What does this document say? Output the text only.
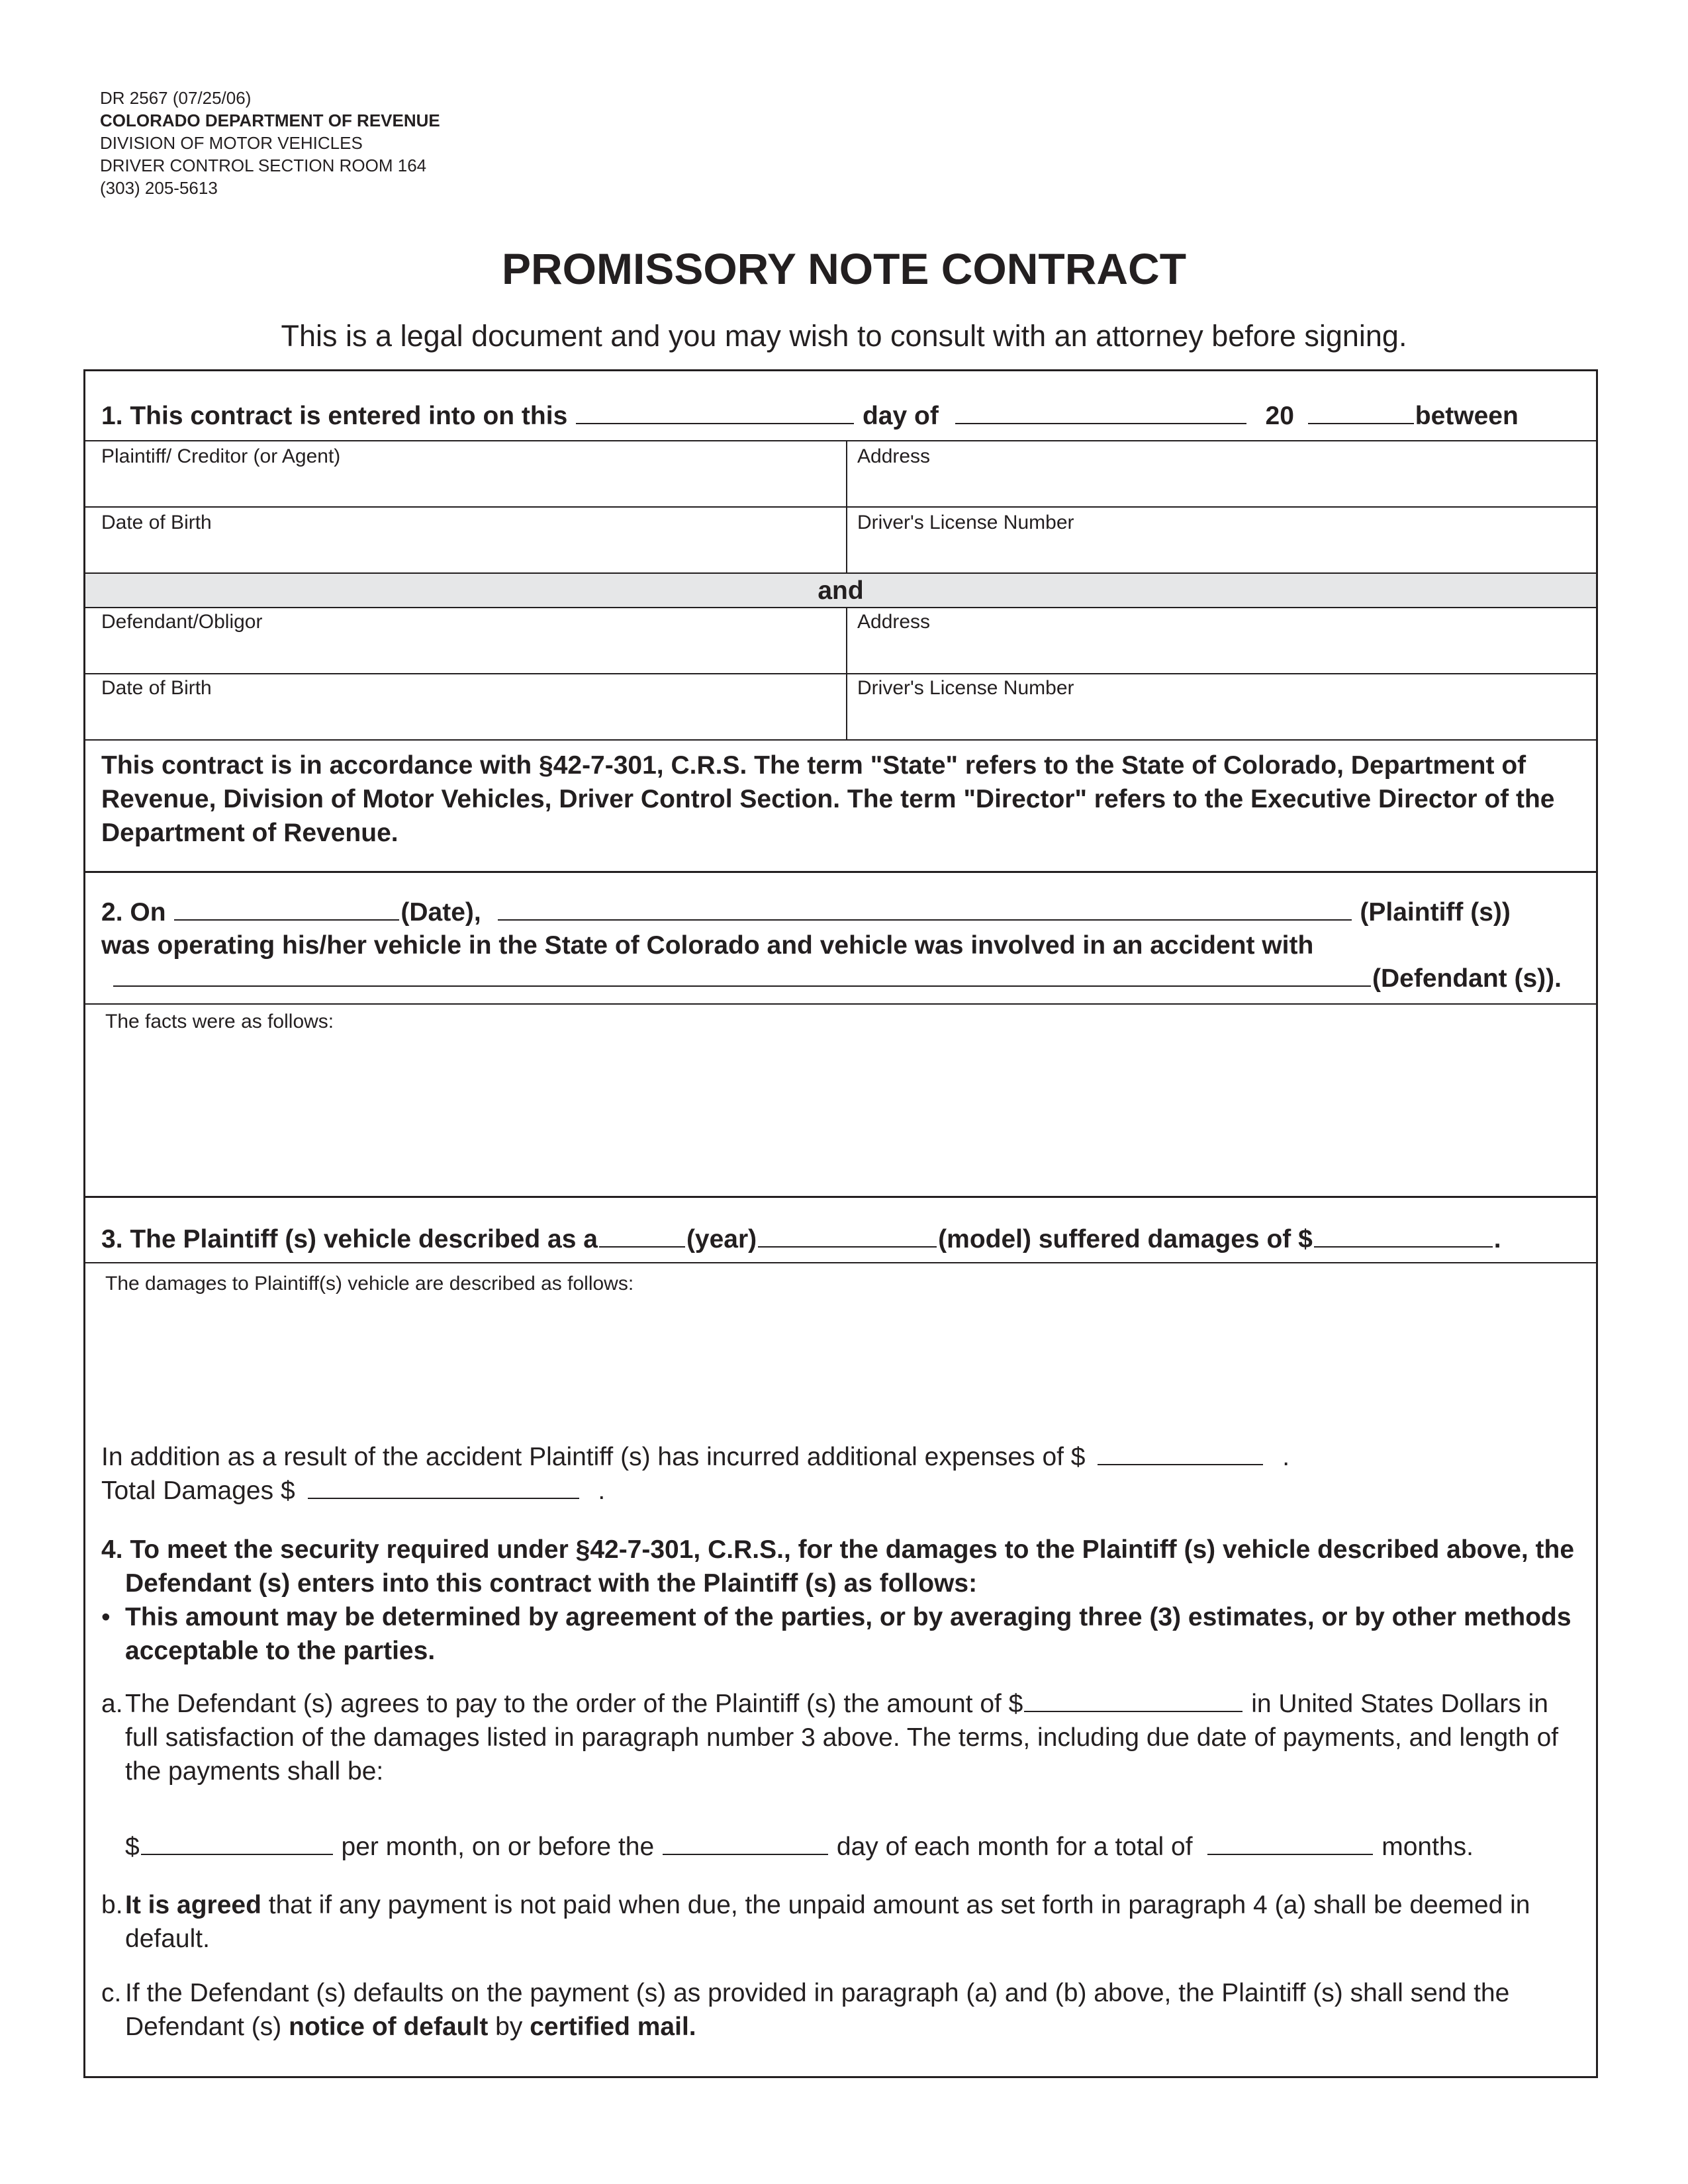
DR 2567 (07/25/06)
COLORADO DEPARTMENT OF REVENUE
DIVISION OF MOTOR VEHICLES
DRIVER CONTROL SECTION ROOM 164
(303) 205-5613
PROMISSORY NOTE CONTRACT
This is a legal document and you may wish to consult with an attorney before signing.
1. This contract is entered into on this	day of	20	between
Plaintiff/ Creditor (or Agent)	Address
Date of Birth	Driver's License Number
and
Defendant/Obligor	Address
Date of Birth	Driver's License Number
This contract is in accordance with §42-7-301, C.R.S. The term "State" refers to the State of Colorado, Department of Revenue, Division of Motor Vehicles, Driver Control Section. The term "Director" refers to the Executive Director of the Department of Revenue.
2. On	(Date),	(Plaintiff (s))
was operating his/her vehicle in the State of Colorado and vehicle was involved in an accident with
(Defendant (s)).
The facts were as follows:
3. The Plaintiff (s) vehicle described as a	(year)	(model) suffered damages of $	.
The damages to Plaintiff(s) vehicle are described as follows:
In addition as a result of the accident Plaintiff (s) has incurred additional expenses of $	.
Total Damages $	.
4. To meet the security required under §42-7-301, C.R.S., for the damages to the Plaintiff (s) vehicle described above, the Defendant (s) enters into this contract with the Plaintiff (s) as follows:
• This amount may be determined by agreement of the parties, or by averaging three (3) estimates, or by other methods acceptable to the parties.
a. The Defendant (s) agrees to pay to the order of the Plaintiff (s) the amount of $	in United States Dollars in full satisfaction of the damages listed in paragraph number 3 above. The terms, including due date of payments, and length of the payments shall be:
$	per month, on or before the	day of each month for a total of	months.
b. It is agreed that if any payment is not paid when due, the unpaid amount as set forth in paragraph 4 (a) shall be deemed in default.
c. If the Defendant (s) defaults on the payment (s) as provided in paragraph (a) and (b) above, the Plaintiff (s) shall send the Defendant (s) notice of default by certified mail.
